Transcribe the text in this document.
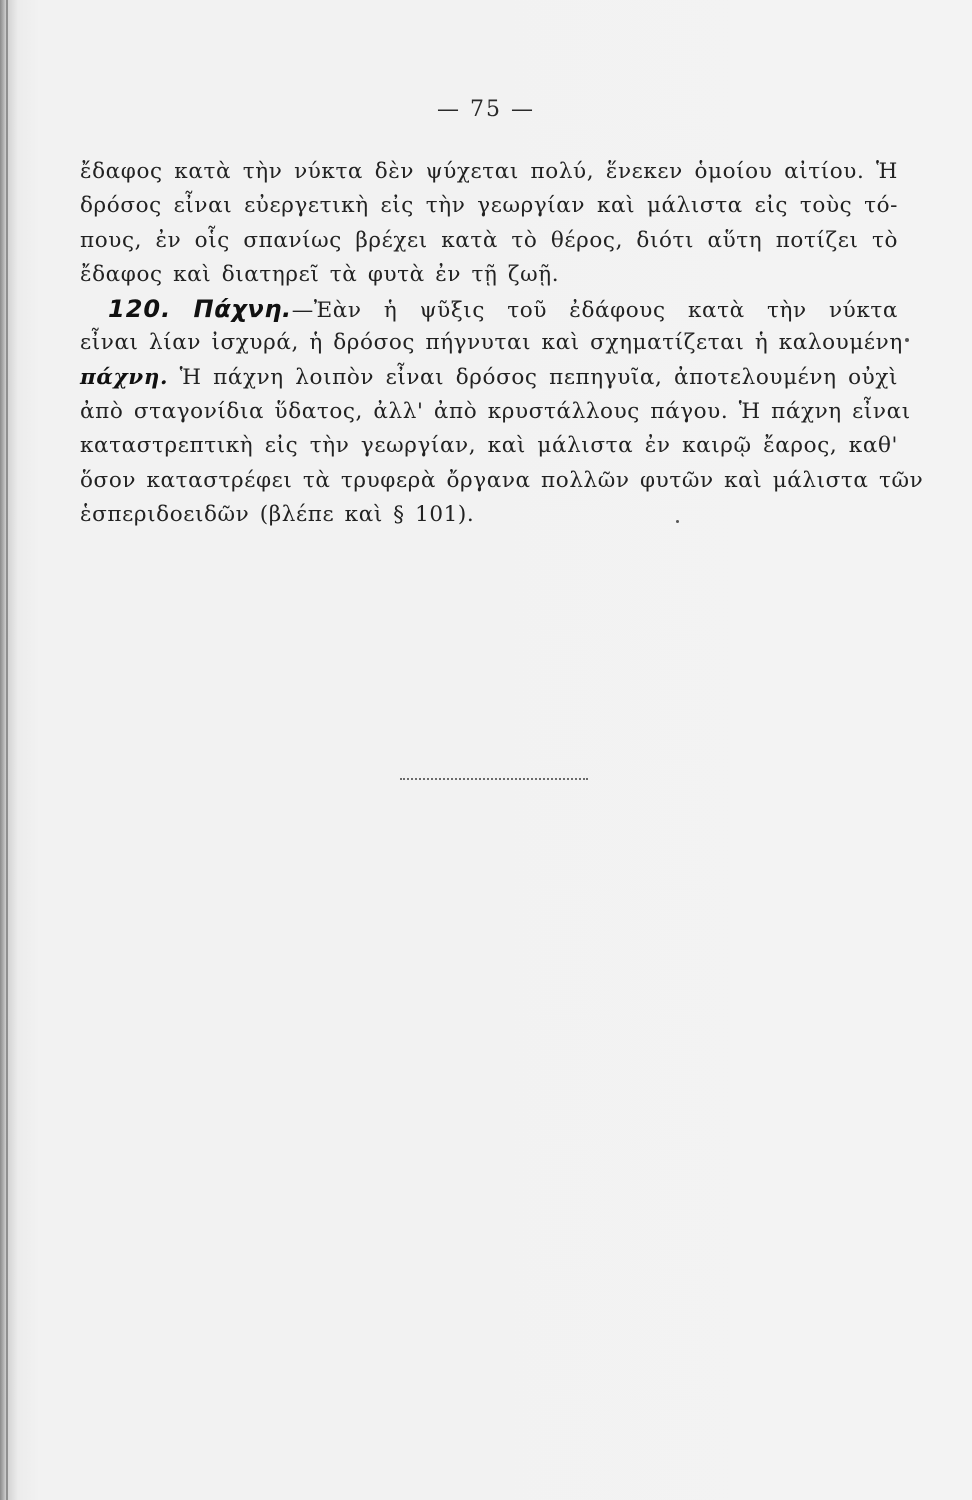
— 75 —
ἔδαφος κατὰ τὴν νύκτα δὲν ψύχεται πολύ, ἕνεκεν ὁμοίου αἰτίου. Ἡ
δρόσος εἶναι εὐεργετικὴ εἰς τὴν γεωργίαν καὶ μάλιστα εἰς τοὺς τό-
πους, ἐν οἷς σπανίως βρέχει κατὰ τὸ θέρος, διότι αὕτη ποτίζει τὸ
ἔδαφος καὶ διατηρεῖ τὰ φυτὰ ἐν τῇ ζωῇ.
120. Πάχνη.—Ἐὰν ἡ ψῦξις τοῦ ἐδάφους κατὰ τὴν νύκτα
εἶναι λίαν ἰσχυρά, ἡ δρόσος πήγνυται καὶ σχηματίζεται ἡ καλουμένη
πάχνη. Ἡ πάχνη λοιπὸν εἶναι δρόσος πεπηγυῖα, ἀποτελουμένη οὐχὶ
ἀπὸ σταγονίδια ὕδατος, ἀλλ' ἀπὸ κρυστάλλους πάγου. Ἡ πάχνη εἶναι
καταστρεπτικὴ εἰς τὴν γεωργίαν, καὶ μάλιστα ἐν καιρῷ ἔαρος, καθ'
ὅσον καταστρέφει τὰ τρυφερὰ ὄργανα πολλῶν φυτῶν καὶ μάλιστα τῶν
ἑσπεριδοειδῶν (βλέπε καὶ § 101).
